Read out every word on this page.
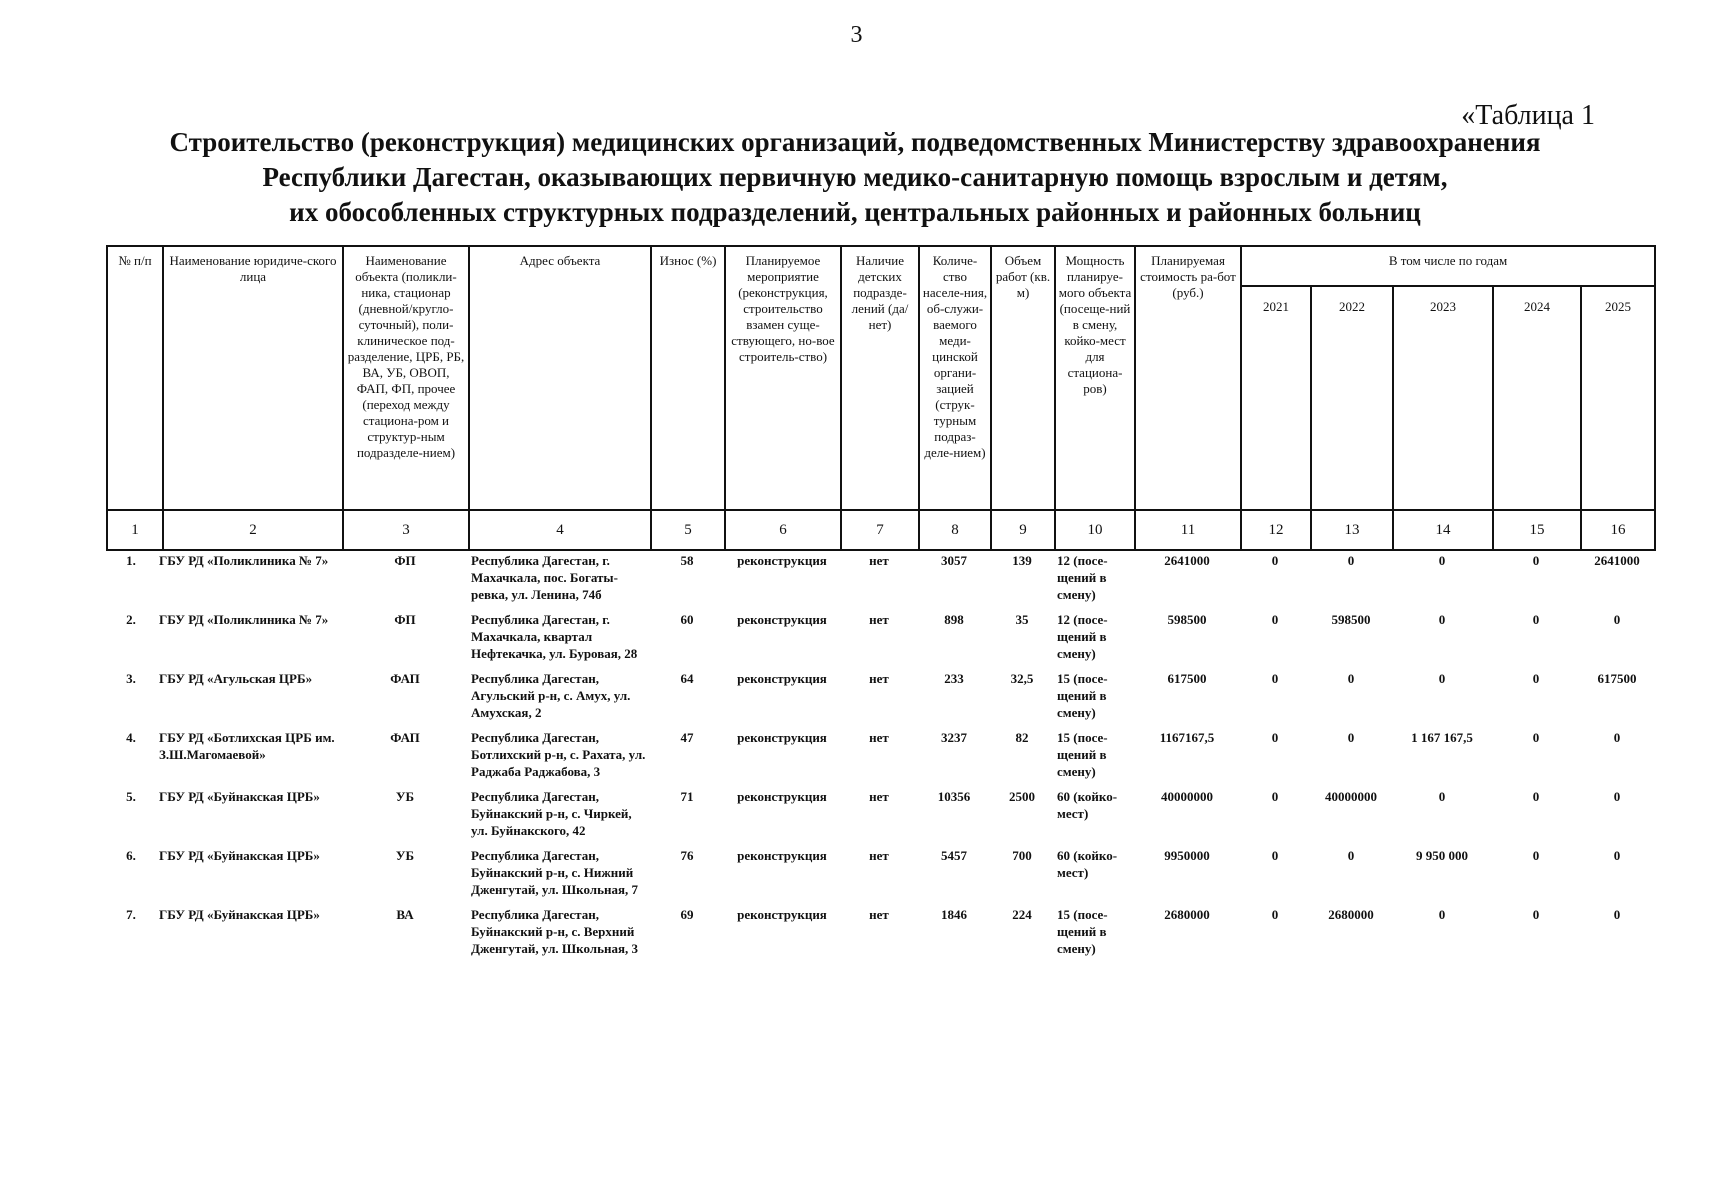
3
«Таблица 1
Строительство (реконструкция) медицинских организаций, подведомственных Министерству здравоохранения
Республики Дагестан, оказывающих первичную медико-санитарную помощь взрослым и детям,
их обособленных структурных подразделений, центральных районных и районных больниц
№ п/п	Наименование юридиче-ского лица	Наименование объекта (поликли-ника, стационар (дневной/кругло-суточный), поли-клиническое под-разделение, ЦРБ, РБ, ВА, УБ, ОВОП, ФАП, ФП, прочее (переход между стациона-ром и структур-ным подразделе-нием)	Адрес объекта	Износ (%)	Планируемое мероприятие (реконструкция, строительство взамен суще-ствующего, но-вое строитель-ство)	Наличие детских подразде-лений (да/нет)	Количе-ство населе-ния, об-служи-ваемого меди-цинской органи-зацией (струк-турным подраз-деле-нием)	Объем работ (кв. м)	Мощность планируе-мого объекта (посеще-ний в смену, койко-мест для стациона-ров)	Планируемая стоимость ра-бот (руб.)	В том числе по годам				
											2021	2022	2023	2024	2025
1	2	3	4	5	6	7	8	9	10	11	12	13	14	15	16
1.	ГБУ РД «Поликлиника № 7»	ФП	Республика Дагестан, г. Махачкала, пос. Богаты-ревка, ул. Ленина, 74б	58	реконструкция	нет	3057	139	12 (посе-щений в смену)	2641000	0	0	0	0	2641000
2.	ГБУ РД «Поликлиника № 7»	ФП	Республика Дагестан, г. Махачкала, квартал Нефтекачка, ул. Буровая, 28	60	реконструкция	нет	898	35	12 (посе-щений в смену)	598500	0	598500	0	0	0
3.	ГБУ РД «Агульская ЦРБ»	ФАП	Республика Дагестан, Агульский р-н, с. Амух, ул. Амухская, 2	64	реконструкция	нет	233	32,5	15 (посе-щений в смену)	617500	0	0	0	0	617500
4.	ГБУ РД «Ботлихская ЦРБ им. З.Ш.Магомаевой»	ФАП	Республика Дагестан, Ботлихский р-н, с. Рахата, ул. Раджаба Раджабова, 3	47	реконструкция	нет	3237	82	15 (посе-щений в смену)	1167167,5	0	0	1 167 167,5	0	0
5.	ГБУ РД «Буйнакская ЦРБ»	УБ	Республика Дагестан, Буйнакский р-н, с. Чиркей, ул. Буйнакского, 42	71	реконструкция	нет	10356	2500	60 (койко-мест)	40000000	0	40000000	0	0	0
6.	ГБУ РД «Буйнакская ЦРБ»	УБ	Республика Дагестан, Буйнакский р-н, с. Нижний Дженгутай, ул. Школьная, 7	76	реконструкция	нет	5457	700	60 (койко-мест)	9950000	0	0	9 950 000	0	0
7.	ГБУ РД «Буйнакская ЦРБ»	ВА	Республика Дагестан, Буйнакский р-н, с. Верхний Дженгутай, ул. Школьная, 3	69	реконструкция	нет	1846	224	15 (посе-щений в смену)	2680000	0	2680000	0	0	0
